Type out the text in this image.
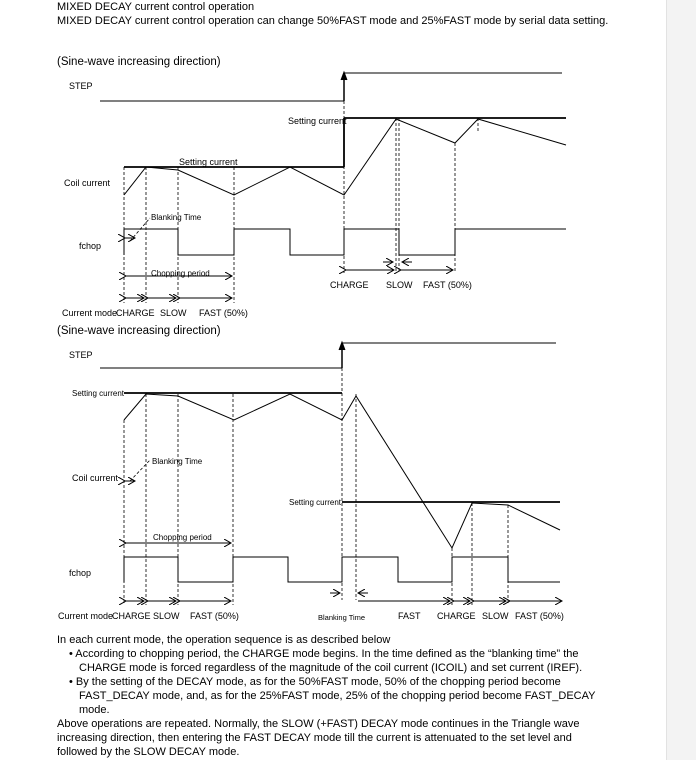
MIXED DECAY current control operation
MIXED DECAY current control operation can change 50%FAST mode and 25%FAST mode by serial data setting.
(Sine-wave increasing direction)
STEP
Coil current
fchop
Setting current
Setting current
Blanking Time
Chopping period
Current mode
CHARGE SLOW FAST (50%)
CHARGE SLOW FAST (50%)
(Sine-wave increasing direction)
STEP
Setting current
Coil current
Blanking Time
Setting current
Chopping period
fchop
Current mode
CHARGE SLOW FAST (50%)	Blanking Time	FAST CHARGE SLOW FAST (50%)
In each current mode, the operation sequence is as described below
• According to chopping period, the CHARGE mode begins. In the time defined as the “blanking time” the CHARGE mode is forced regardless of the magnitude of the coil current (ICOIL) and set current (IREF).
• By the setting of the DECAY mode, as for the 50%FAST mode, 50% of the chopping period become FAST_DECAY mode, and, as for the 25%FAST mode, 25% of the chopping period become FAST_DECAY mode.
Above operations are repeated. Normally, the SLOW (+FAST) DECAY mode continues in the Triangle wave increasing direction, then entering the FAST DECAY mode till the current is attenuated to the set level and followed by the SLOW DECAY mode.
